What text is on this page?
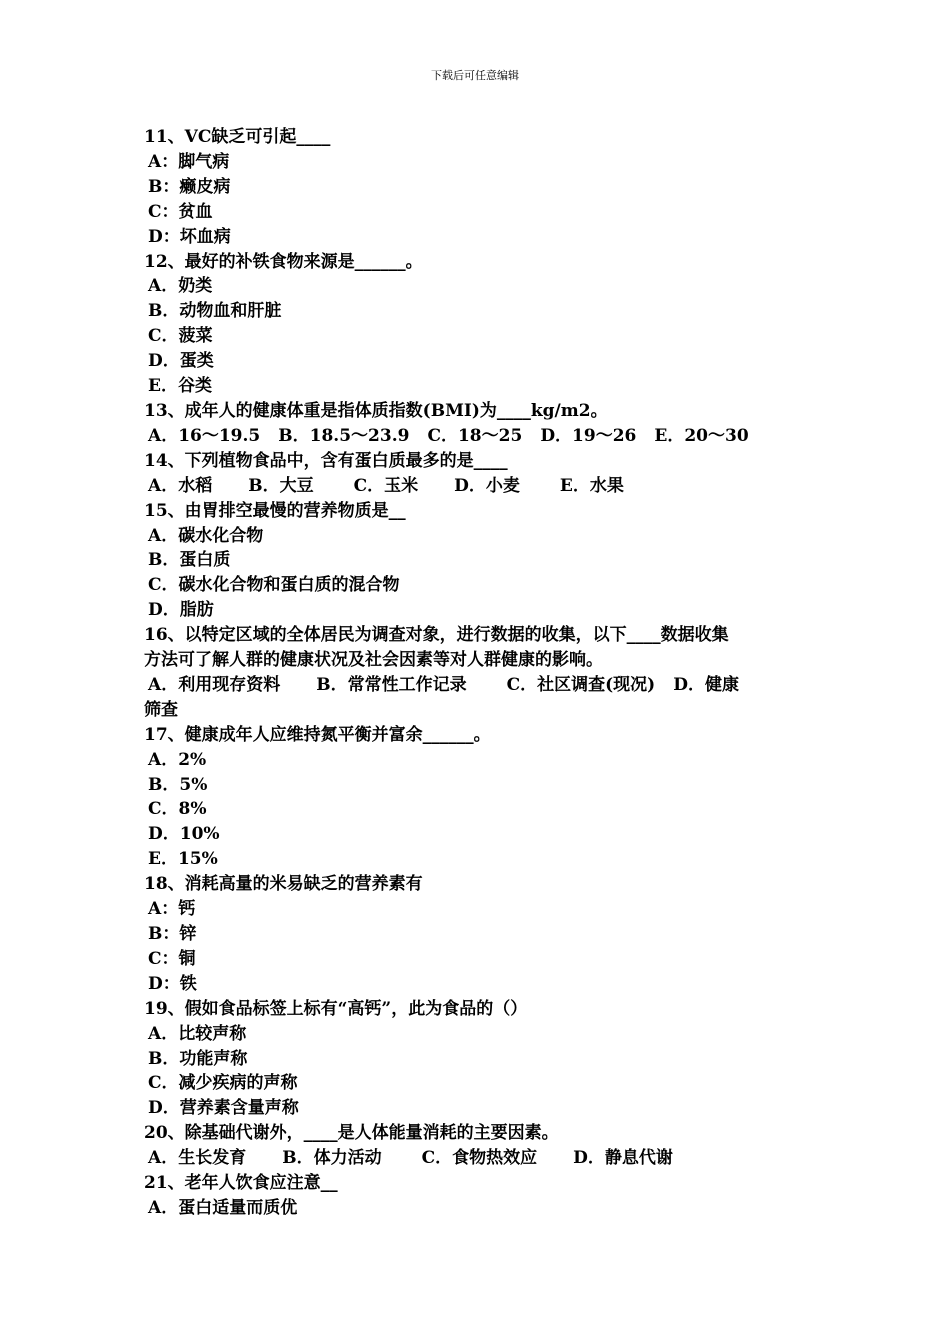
下载后可任意编辑
11、VC缺乏可引起____
A：脚气病
B：癞皮病
C：贫血
D：坏血病
12、最好的补铁食物来源是______。
A．奶类
B．动物血和肝脏
C．菠菜
D．蛋类
E．谷类
13、成年人的健康体重是指体质指数(BMI)为____kg/m2。
A．16～19.5 B．18.5～23.9 C．18～25 D．19～26 E．20～30
14、下列植物食品中，含有蛋白质最多的是____
A．水稻 B．大豆 C．玉米 D．小麦 E．水果
15、由胃排空最慢的营养物质是__
A．碳水化合物
B．蛋白质
C．碳水化合物和蛋白质的混合物
D．脂肪
16、以特定区域的全体居民为调查对象，进行数据的收集，以下____数据收集
方法可了解人群的健康状况及社会因素等对人群健康的影响。
A．利用现存资料 B．常常性工作记录 C．社区调查(现况) D．健康
筛查
17、健康成年人应维持氮平衡并富余______。
A．2%
B．5%
C．8%
D．10%
E．15%
18、消耗高量的米易缺乏的营养素有
A：钙
B：锌
C：铜
D：铁
19、假如食品标签上标有“高钙”，此为食品的（）
A．比较声称
B．功能声称
C．减少疾病的声称
D．营养素含量声称
20、除基础代谢外，____是人体能量消耗的主要因素。
A．生长发育 B．体力活动 C．食物热效应 D．静息代谢
21、老年人饮食应注意__
A．蛋白适量而质优
